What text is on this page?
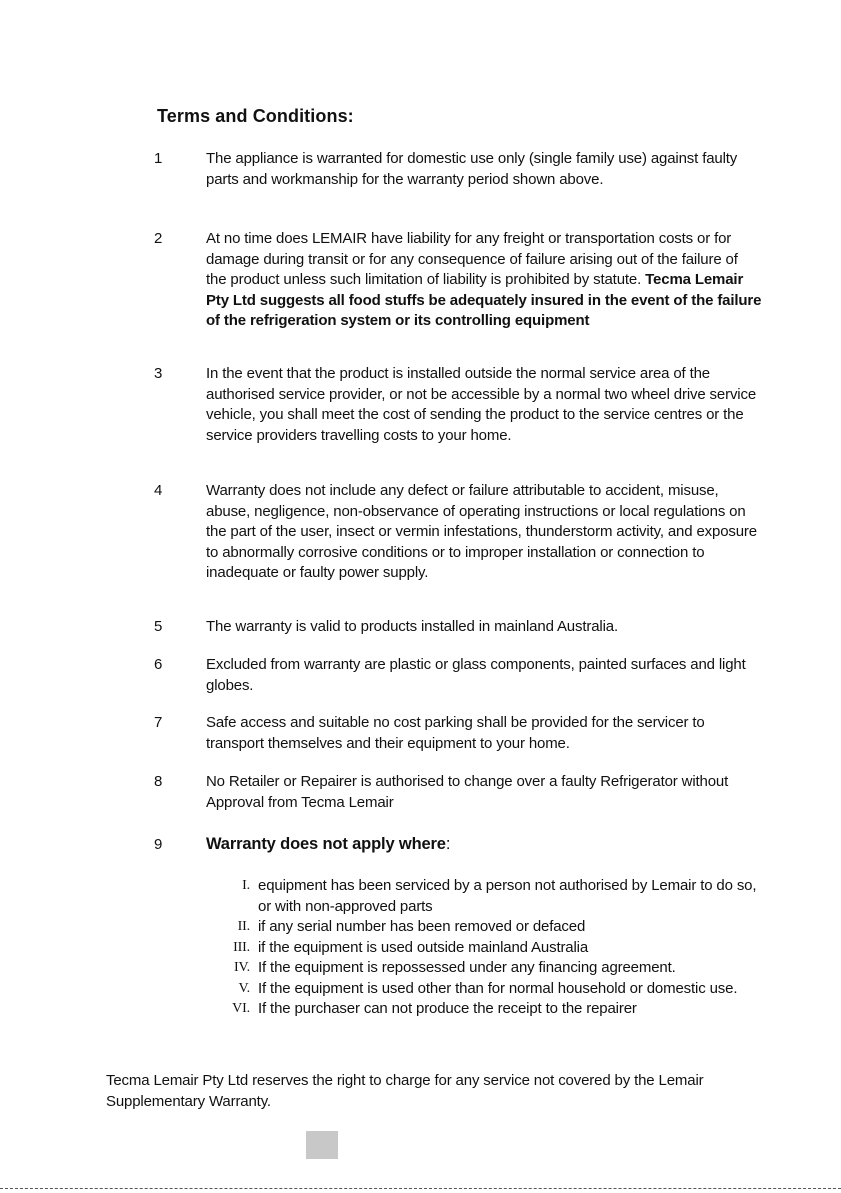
Terms and Conditions:
1	The appliance is warranted for domestic use only (single family use) against faulty parts and workmanship for the warranty period shown above.
2	At no time does LEMAIR have liability for any freight or transportation costs or for damage during transit or for any consequence of failure arising out of the failure of the product unless such limitation of liability is prohibited by statute. Tecma Lemair Pty Ltd suggests all food stuffs be adequately insured in the event of the failure of the refrigeration system or its controlling equipment
3	In the event that the product is installed outside the normal service area of the authorised service provider, or not be accessible by a normal two wheel drive service vehicle, you shall meet the cost of sending the product to the service centres or the service providers travelling costs to your home.
4	Warranty does not include any defect or failure attributable to accident, misuse, abuse, negligence, non-observance of operating instructions or local regulations on the part of the user, insect or vermin infestations, thunderstorm activity, and exposure to abnormally corrosive conditions or to improper installation or connection to inadequate or faulty power supply.
5	The warranty is valid to products installed in mainland Australia.
6	Excluded from warranty are plastic or glass components, painted surfaces and light globes.
7	Safe access and suitable no cost parking shall be provided for the servicer to transport themselves and their equipment to your home.
8	No Retailer or Repairer is authorised to change over a faulty Refrigerator without Approval from Tecma Lemair
9	Warranty does not apply where:
I. equipment has been serviced by a person not authorised by Lemair to do so, or with non-approved parts
II. if any serial number has been removed or defaced
III. if the equipment is used outside mainland Australia
IV. If the equipment is repossessed under any financing agreement.
V. If the equipment is used other than for normal household or domestic use.
VI. If the purchaser can not produce the receipt to the repairer
Tecma Lemair Pty Ltd reserves the right to charge for any service not covered by the Lemair Supplementary Warranty.
